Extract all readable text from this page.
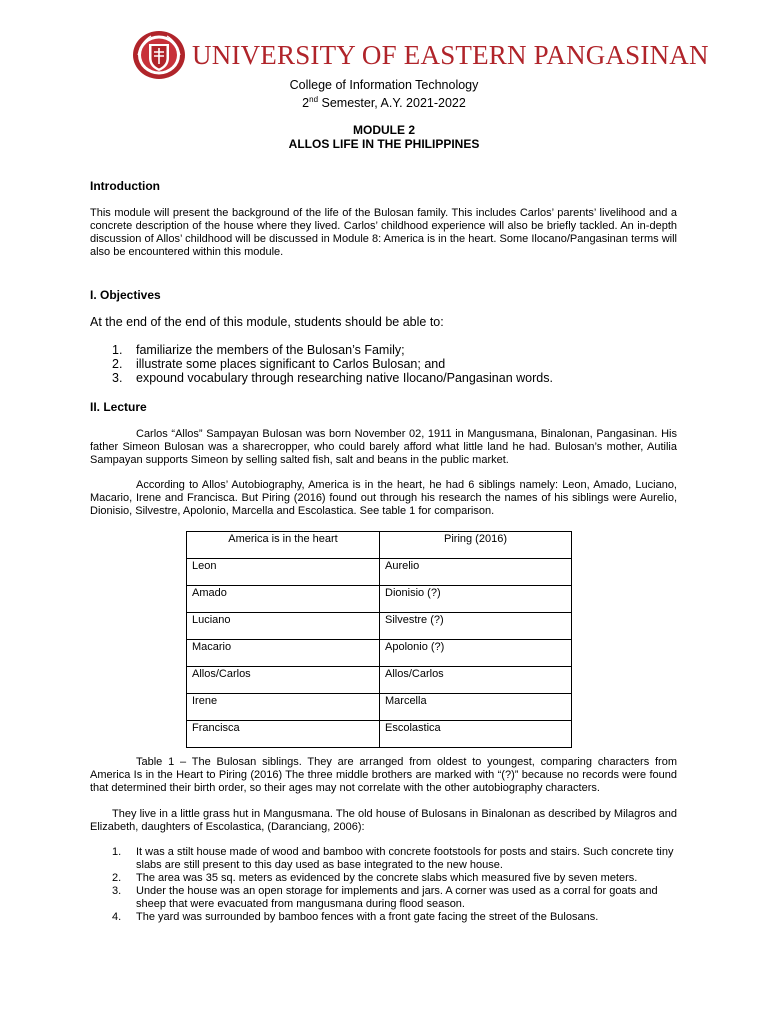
UNIVERSITY OF EASTERN PANGASINAN
College of Information Technology
2nd Semester, A.Y. 2021-2022
MODULE 2
ALLOS LIFE IN THE PHILIPPINES
Introduction
This module will present the background of the life of the Bulosan family. This includes Carlos’ parents’ livelihood and a concrete description of the house where they lived. Carlos’ childhood experience will also be briefly tackled. An in-depth discussion of Allos’ childhood will be discussed in Module 8: America is in the heart. Some Ilocano/Pangasinan terms will also be encountered within this module.
I. Objectives
At the end of the end of this module, students should be able to:
1.	familiarize the members of the Bulosan’s Family;
2.	illustrate some places significant to Carlos Bulosan; and
3.	expound vocabulary through researching native Ilocano/Pangasinan words.
II. Lecture
Carlos “Allos” Sampayan Bulosan was born November 02, 1911 in Mangusmana, Binalonan, Pangasinan. His father Simeon Bulosan was a sharecropper, who could barely afford what little land he had. Bulosan’s mother, Autilia Sampayan supports Simeon by selling salted fish, salt and beans in the public market.
According to Allos’ Autobiography, America is in the heart, he had 6 siblings namely: Leon, Amado, Luciano, Macario, Irene and Francisca. But Piring (2016) found out through his research the names of his siblings were Aurelio, Dionisio, Silvestre, Apolonio, Marcella and Escolastica. See table 1 for comparison.
America is in the heart	Piring (2016)
Leon	Aurelio
Amado	Dionisio (?)
Luciano	Silvestre (?)
Macario	Apolonio (?)
Allos/Carlos	Allos/Carlos
Irene	Marcella
Francisca	Escolastica
Table 1 – The Bulosan siblings. They are arranged from oldest to youngest, comparing characters from America Is in the Heart to Piring (2016) The three middle brothers are marked with “(?)” because no records were found that determined their birth order, so their ages may not correlate with the other autobiography characters.
They live in a little grass hut in Mangusmana. The old house of Bulosans in Binalonan as described by Milagros and Elizabeth, daughters of Escolastica, (Daranciang, 2006):
1.	It was a stilt house made of wood and bamboo with concrete footstools for posts and stairs. Such concrete tiny slabs are still present to this day used as base integrated to the new house.
2.	The area was 35 sq. meters as evidenced by the concrete slabs which measured five by seven meters.
3.	Under the house was an open storage for implements and jars. A corner was used as a corral for goats and sheep that were evacuated from mangusmana during flood season.
4.	The yard was surrounded by bamboo fences with a front gate facing the street of the Bulosans.
